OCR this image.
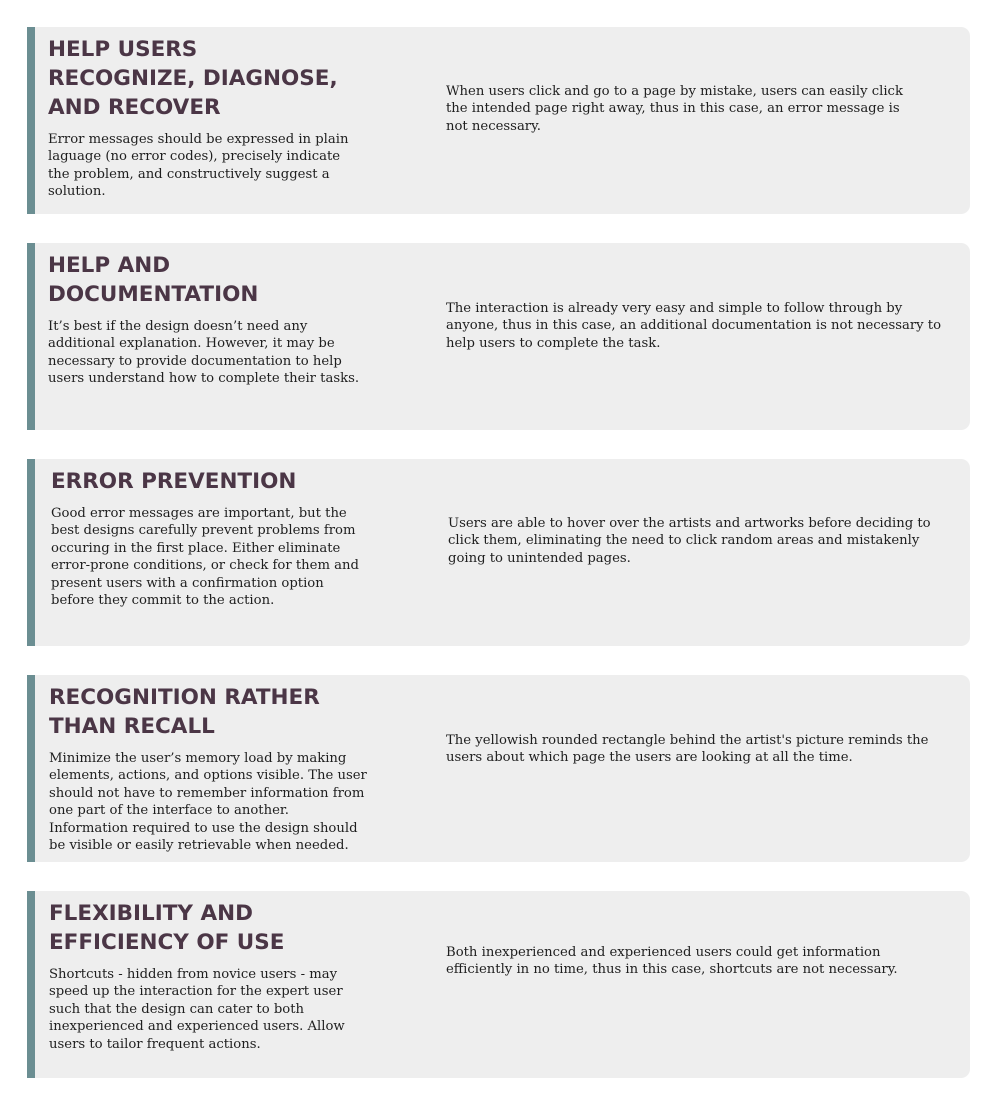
HELP USERS RECOGNIZE, DIAGNOSE, AND RECOVER

Error messages should be expressed in plain laguage (no error codes), precisely indicate the problem, and constructively suggest a solution.

When users click and go to a page by mistake, users can easily click the intended page right away, thus in this case, an error message is not necessary.

HELP AND DOCUMENTATION

It’s best if the design doesn’t need any additional explanation. However, it may be necessary to provide documentation to help users understand how to complete their tasks.

The interaction is already very easy and simple to follow through by anyone, thus in this case, an additional documentation is not necessary to help users to complete the task.

ERROR PREVENTION

Good error messages are important, but the best designs carefully prevent problems from occuring in the first place. Either eliminate error-prone conditions, or check for them and present users with a confirmation option before they commit to the action.

Users are able to hover over the artists and artworks before deciding to click them, eliminating the need to click random areas and mistakenly going to unintended pages.

RECOGNITION RATHER THAN RECALL

Minimize the user’s memory load by making elements, actions, and options visible. The user should not have to remember information from one part of the interface to another. Information required to use the design should be visible or easily retrievable when needed.

The yellowish rounded rectangle behind the artist's picture reminds the users about which page the users are looking at all the time.

FLEXIBILITY AND EFFICIENCY OF USE

Shortcuts - hidden from novice users - may speed up the interaction for the expert user such that the design can cater to both inexperienced and experienced users. Allow users to tailor frequent actions.

Both inexperienced and experienced users could get information efficiently in no time, thus in this case, shortcuts are not necessary.
